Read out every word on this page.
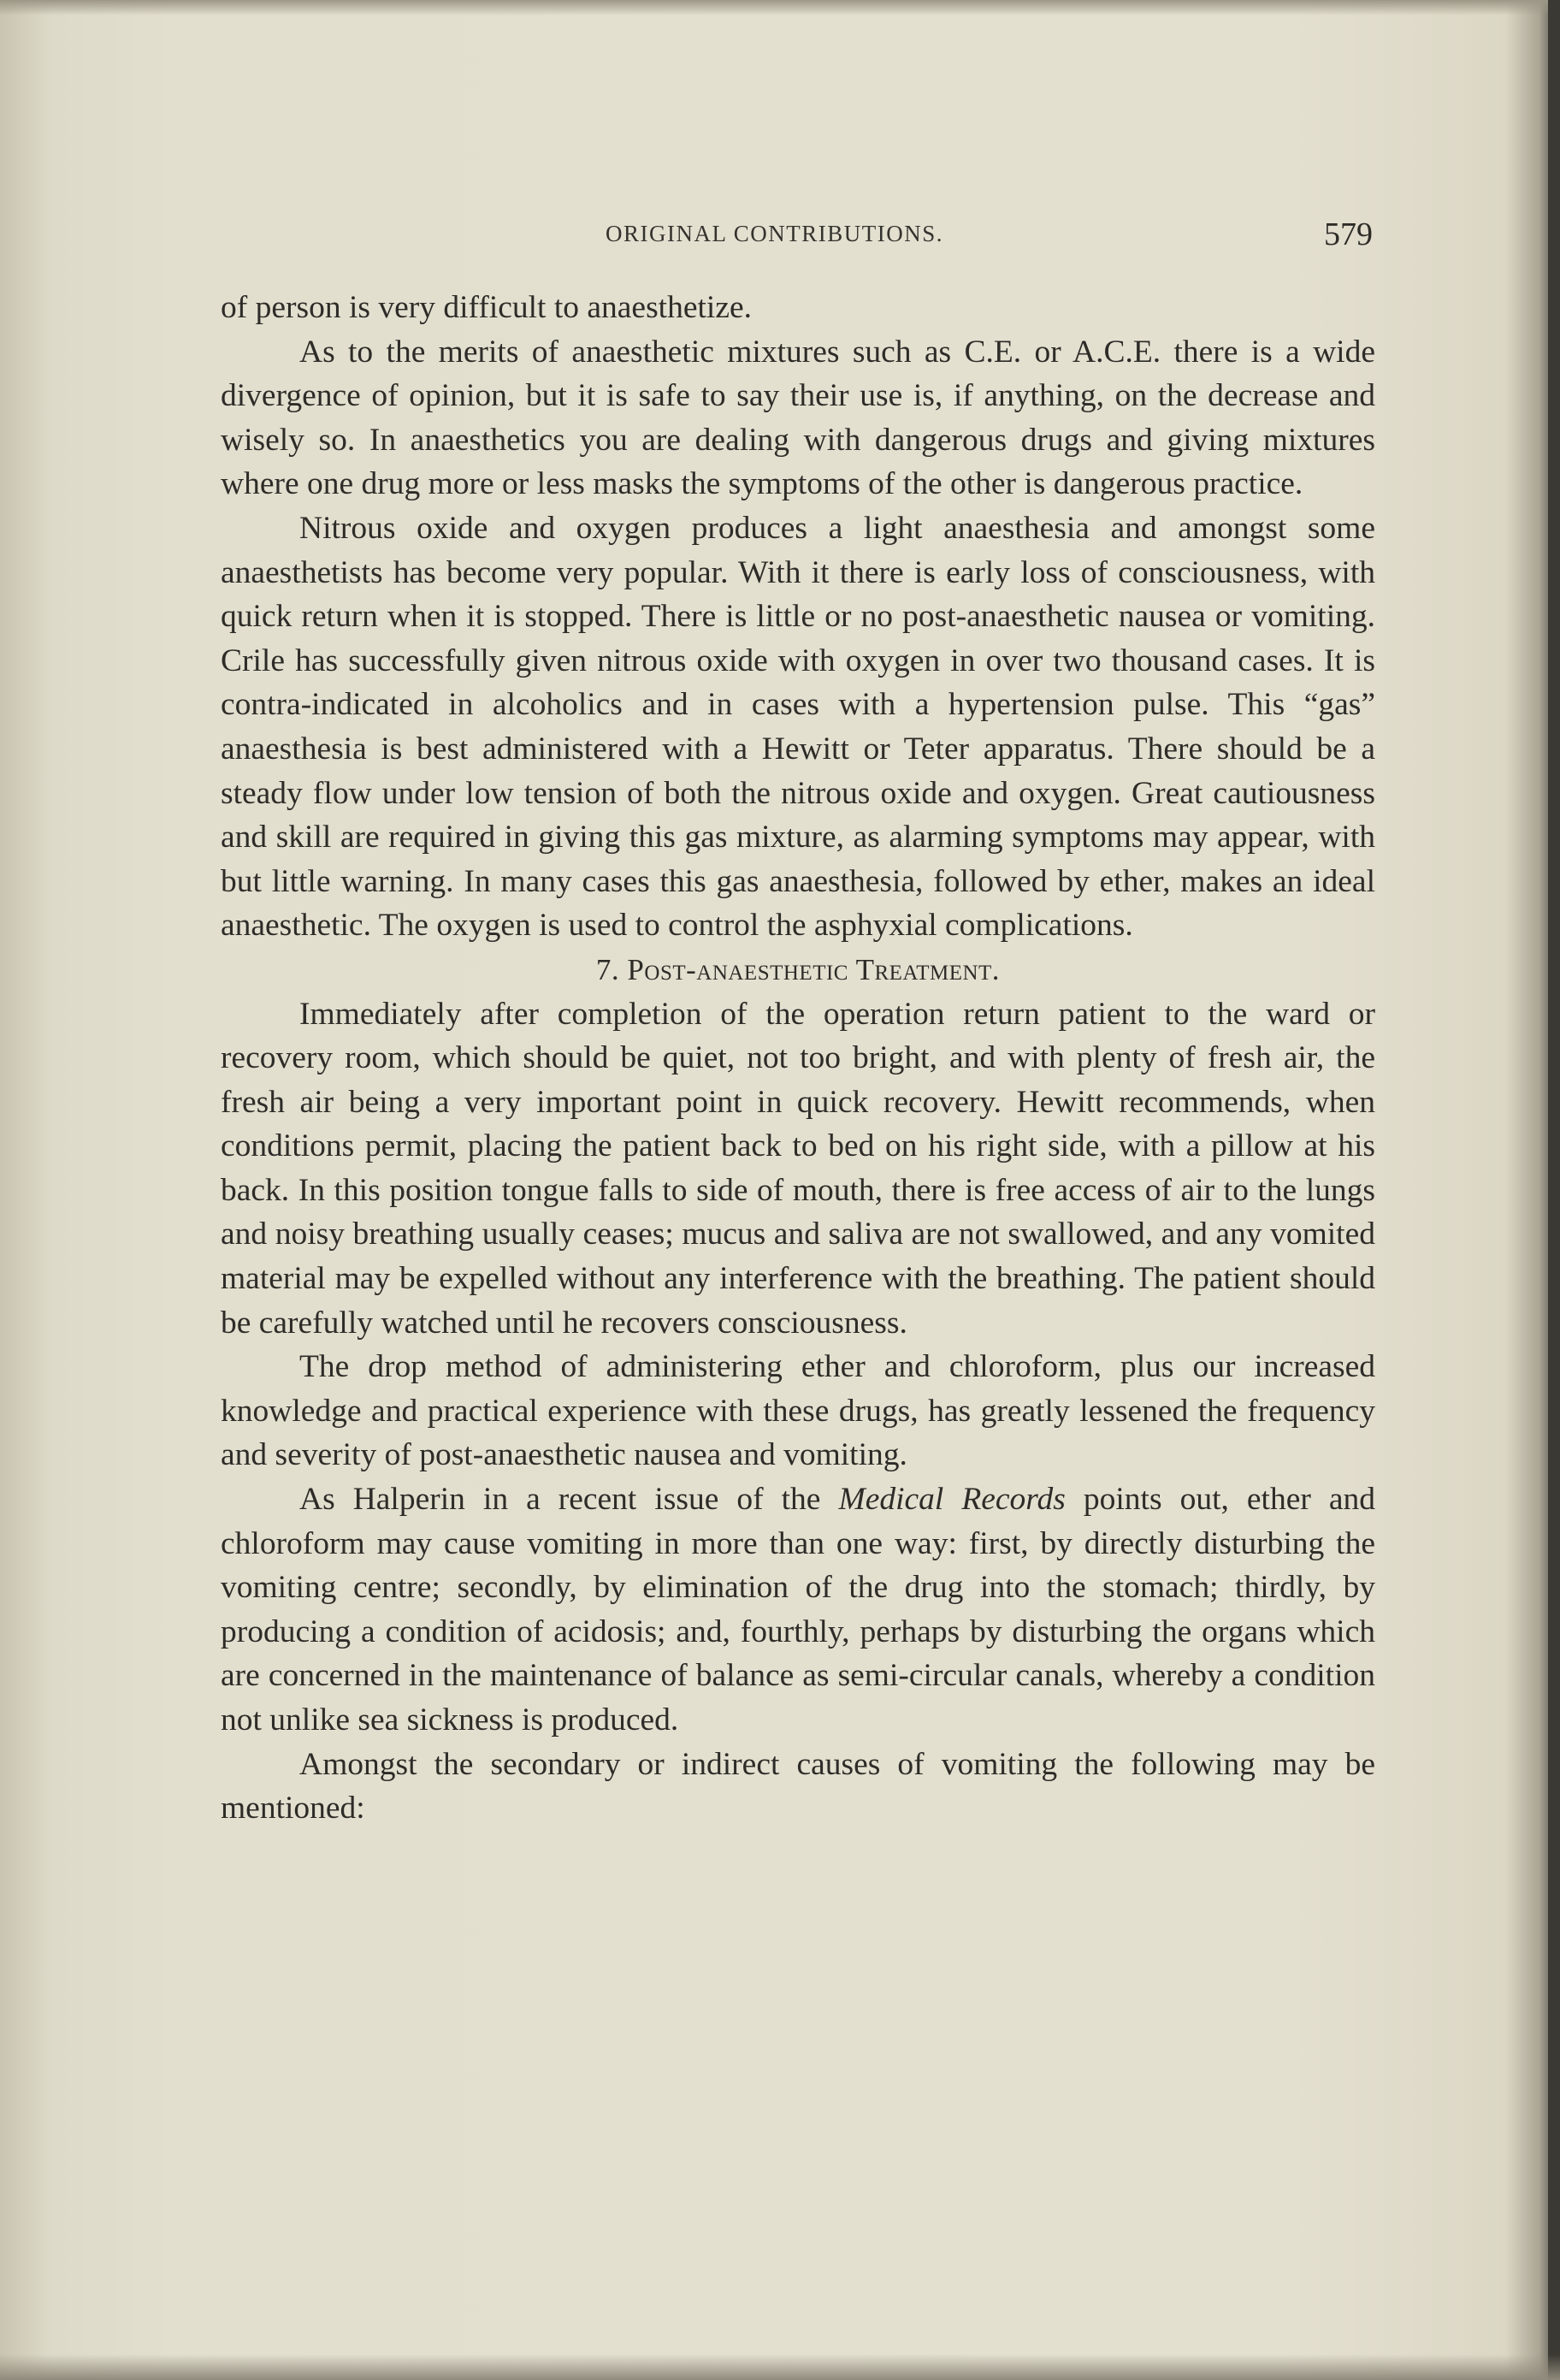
ORIGINAL CONTRIBUTIONS.	579

of person is very difficult to anaesthetize.

As to the merits of anaesthetic mixtures such as C.E. or A.C.E. there is a wide divergence of opinion, but it is safe to say their use is, if anything, on the decrease and wisely so. In anaesthetics you are dealing with dangerous drugs and giving mixtures where one drug more or less masks the symptoms of the other is dangerous practice.

Nitrous oxide and oxygen produces a light anaesthesia and amongst some anaesthetists has become very popular. With it there is early loss of consciousness, with quick return when it is stopped. There is little or no post-anaesthetic nausea or vomiting. Crile has successfully given nitrous oxide with oxygen in over two thousand cases. It is contra-indicated in alcoholics and in cases with a hypertension pulse. This “gas” anaesthesia is best administered with a Hewitt or Teter apparatus. There should be a steady flow under low tension of both the nitrous oxide and oxygen. Great cautiousness and skill are required in giving this gas mixture, as alarming symptoms may appear, with but little warning. In many cases this gas anaesthesia, followed by ether, makes an ideal anaesthetic. The oxygen is used to control the asphyxial complications.

7. Post-anaesthetic Treatment.

Immediately after completion of the operation return patient to the ward or recovery room, which should be quiet, not too bright, and with plenty of fresh air, the fresh air being a very important point in quick recovery. Hewitt recommends, when conditions permit, placing the patient back to bed on his right side, with a pillow at his back. In this position tongue falls to side of mouth, there is free access of air to the lungs and noisy breathing usually ceases; mucus and saliva are not swallowed, and any vomited material may be expelled without any interference with the breathing. The patient should be carefully watched until he recovers consciousness.

The drop method of administering ether and chloroform, plus our increased knowledge and practical experience with these drugs, has greatly lessened the frequency and severity of post-anaesthetic nausea and vomiting.

As Halperin in a recent issue of the Medical Records points out, ether and chloroform may cause vomiting in more than one way: first, by directly disturbing the vomiting centre; secondly, by elimination of the drug into the stomach; thirdly, by producing a condition of acidosis; and, fourthly, perhaps by disturbing the organs which are concerned in the maintenance of balance as semi-circular canals, whereby a condition not unlike sea sickness is produced.

Amongst the secondary or indirect causes of vomiting the following may be mentioned:
